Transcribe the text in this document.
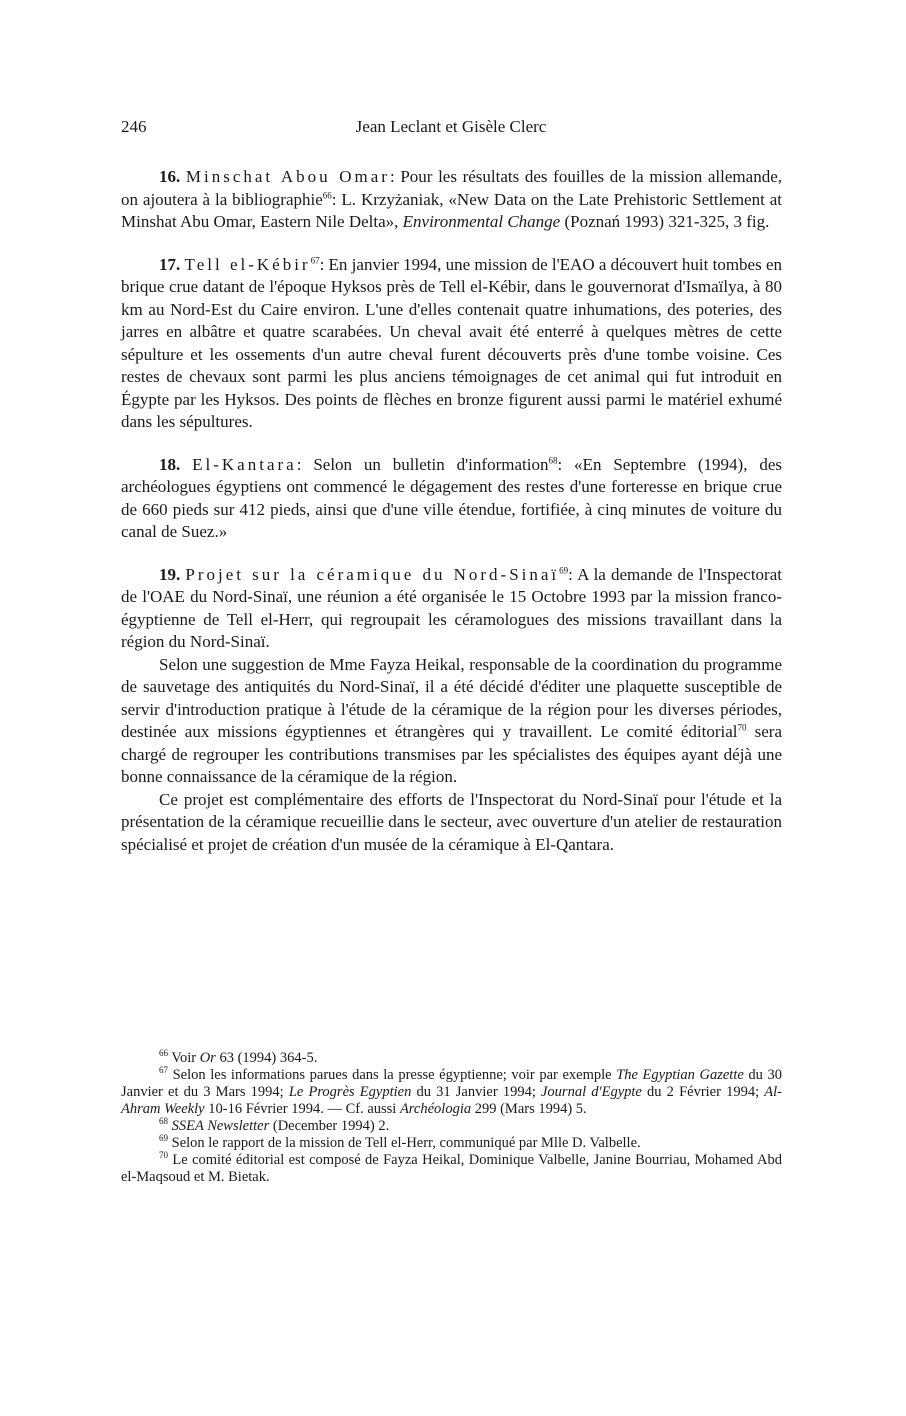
246	Jean Leclant et Gisèle Clerc

16. Minschat Abou Omar: Pour les résultats des fouilles de la mission allemande, on ajoutera à la bibliographie$^{66}$: L. Krzyżaniak, «New Data on the Late Prehistoric Settlement at Minshat Abu Omar, Eastern Nile Delta», Environmental Change (Poznań 1993) 321-325, 3 fig.

17. Tell el-Kébir$^{67}$: En janvier 1994, une mission de l'EAO a découvert huit tombes en brique crue datant de l'époque Hyksos près de Tell el-Kébir, dans le gouvernorat d'Ismaïlya, à 80 km au Nord-Est du Caire environ. L'une d'elles contenait quatre inhumations, des poteries, des jarres en albâtre et quatre scarabées. Un cheval avait été enterré à quelques mètres de cette sépulture et les ossements d'un autre cheval furent découverts près d'une tombe voisine. Ces restes de chevaux sont parmi les plus anciens témoignages de cet animal qui fut introduit en Égypte par les Hyksos. Des points de flèches en bronze figurent aussi parmi le matériel exhumé dans les sépultures.

18. El-Kantara: Selon un bulletin d'information$^{68}$: «En Septembre (1994), des archéologues égyptiens ont commencé le dégagement des restes d'une forteresse en brique crue de 660 pieds sur 412 pieds, ainsi que d'une ville étendue, fortifiée, à cinq minutes de voiture du canal de Suez.»

19. Projet sur la céramique du Nord-Sinaï$^{69}$: A la demande de l'Inspectorat de l'OAE du Nord-Sinaï, une réunion a été organisée le 15 Octobre 1993 par la mission franco-égyptienne de Tell el-Herr, qui regroupait les céramologues des missions travaillant dans la région du Nord-Sinaï.

Selon une suggestion de Mme Fayza Heikal, responsable de la coordination du programme de sauvetage des antiquités du Nord-Sinaï, il a été décidé d'éditer une plaquette susceptible de servir d'introduction pratique à l'étude de la céramique de la région pour les diverses périodes, destinée aux missions égyptiennes et étrangères qui y travaillent. Le comité éditorial$^{70}$ sera chargé de regrouper les contributions transmises par les spécialistes des équipes ayant déjà une bonne connaissance de la céramique de la région.

Ce projet est complémentaire des efforts de l'Inspectorat du Nord-Sinaï pour l'étude et la présentation de la céramique recueillie dans le secteur, avec ouverture d'un atelier de restauration spécialisé et projet de création d'un musée de la céramique à El-Qantara.

$^{66}$ Voir Or 63 (1994) 364-5.

$^{67}$ Selon les informations parues dans la presse égyptienne; voir par exemple The Egyptian Gazette du 30 Janvier et du 3 Mars 1994; Le Progrès Egyptien du 31 Janvier 1994; Journal d'Egypte du 2 Février 1994; Al-Ahram Weekly 10-16 Février 1994. — Cf. aussi Archéologia 299 (Mars 1994) 5.

$^{68}$ SSEA Newsletter (December 1994) 2.

$^{69}$ Selon le rapport de la mission de Tell el-Herr, communiqué par Mlle D. Valbelle.

$^{70}$ Le comité éditorial est composé de Fayza Heikal, Dominique Valbelle, Janine Bourriau, Mohamed Abd el-Maqsoud et M. Bietak.
